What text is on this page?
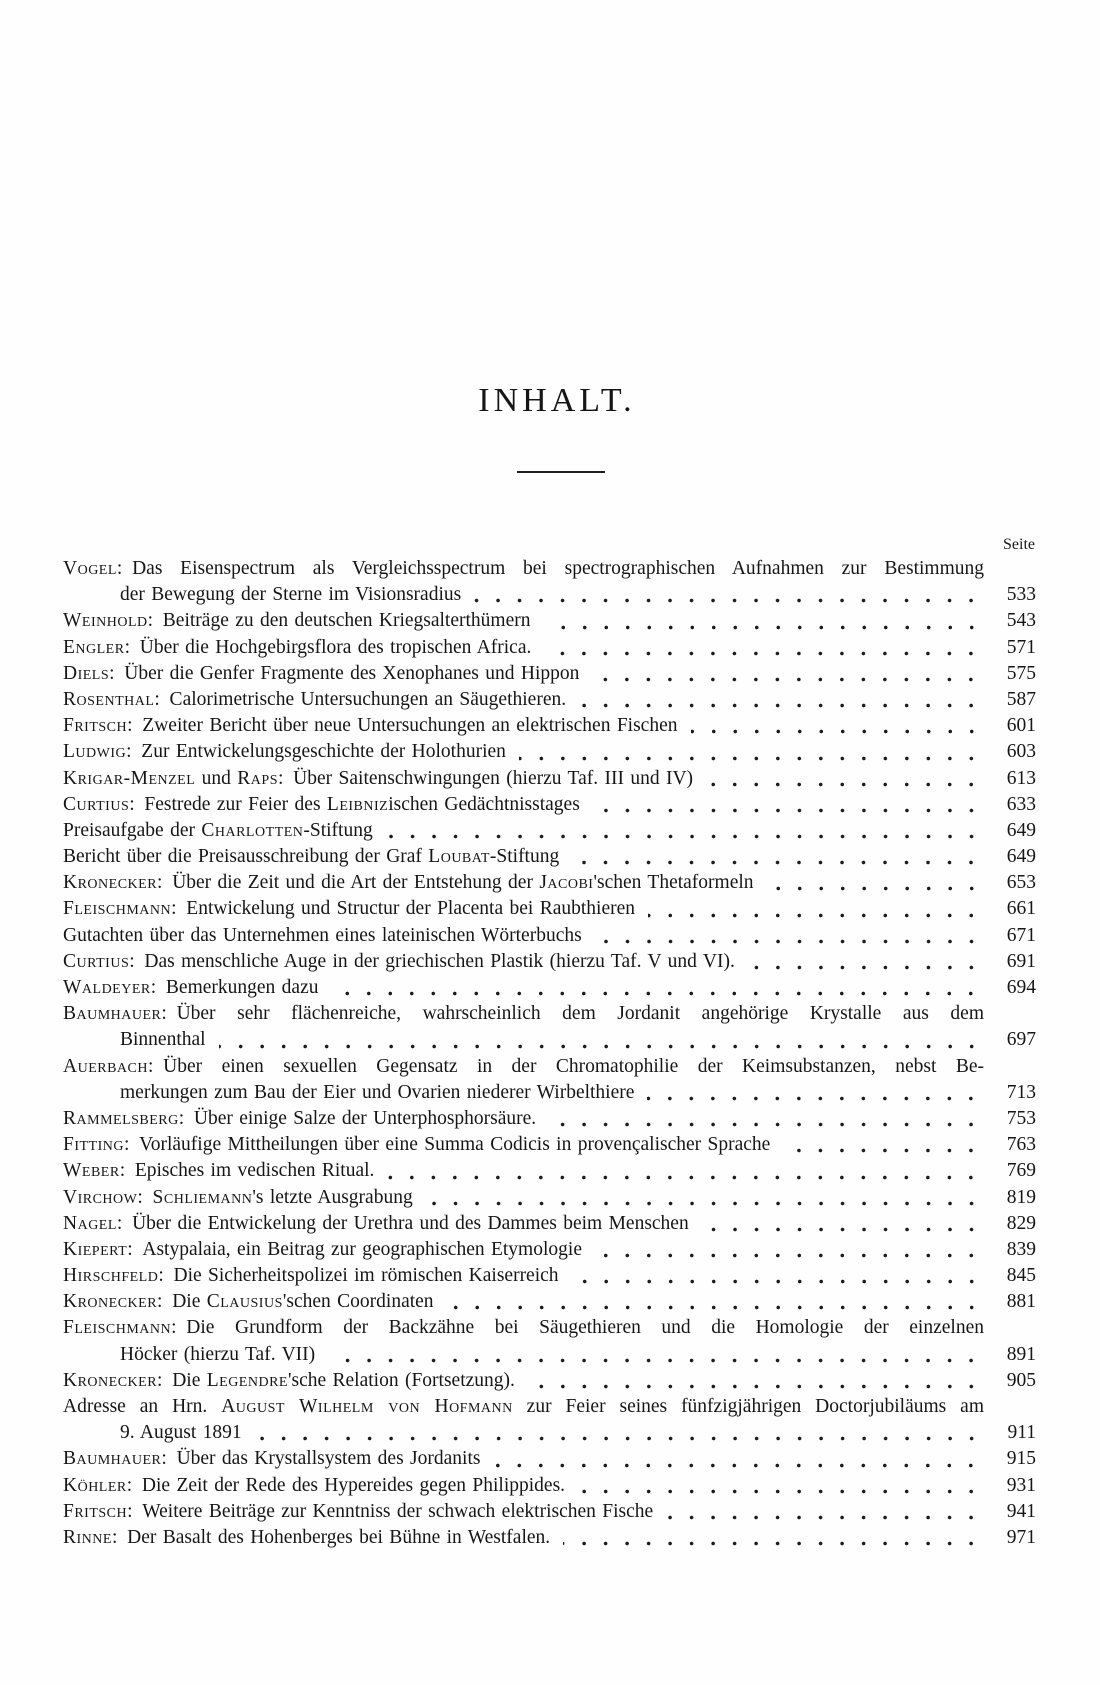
INHALT.
Seite
Vogel: Das Eisenspectrum als Vergleichsspectrum bei spectrographischen Aufnahmen zur Bestimmung
der Bewegung der Sterne im Visionsradius	533
Weinhold: Beiträge zu den deutschen Kriegsalterthümern	543
Engler: Über die Hochgebirgsflora des tropischen Africa.	571
Diels: Über die Genfer Fragmente des Xenophanes und Hippon	575
Rosenthal: Calorimetrische Untersuchungen an Säugethieren.	587
Fritsch: Zweiter Bericht über neue Untersuchungen an elektrischen Fischen	601
Ludwig: Zur Entwickelungsgeschichte der Holothurien	603
Krigar-Menzel und Raps: Über Saitenschwingungen (hierzu Taf. III und IV)	613
Curtius: Festrede zur Feier des Leibnizischen Gedächtnisstages	633
Preisaufgabe der Charlotten-Stiftung	649
Bericht über die Preisausschreibung der Graf Loubat-Stiftung	649
Kronecker: Über die Zeit und die Art der Entstehung der Jacobi'schen Thetaformeln	653
Fleischmann: Entwickelung und Structur der Placenta bei Raubthieren	661
Gutachten über das Unternehmen eines lateinischen Wörterbuchs	671
Curtius: Das menschliche Auge in der griechischen Plastik (hierzu Taf. V und VI).	691
Waldeyer: Bemerkungen dazu	694
Baumhauer: Über sehr flächenreiche, wahrscheinlich dem Jordanit angehörige Krystalle aus dem
Binnenthal	697
Auerbach: Über einen sexuellen Gegensatz in der Chromatophilie der Keimsubstanzen, nebst Be-
merkungen zum Bau der Eier und Ovarien niederer Wirbelthiere	713
Rammelsberg: Über einige Salze der Unterphosphorsäure.	753
Fitting: Vorläufige Mittheilungen über eine Summa Codicis in provençalischer Sprache	763
Weber: Episches im vedischen Ritual.	769
Virchow: Schliemann's letzte Ausgrabung	819
Nagel: Über die Entwickelung der Urethra und des Dammes beim Menschen	829
Kiepert: Astypalaia, ein Beitrag zur geographischen Etymologie	839
Hirschfeld: Die Sicherheitspolizei im römischen Kaiserreich	845
Kronecker: Die Clausius'schen Coordinaten	881
Fleischmann: Die Grundform der Backzähne bei Säugethieren und die Homologie der einzelnen
Höcker (hierzu Taf. VII)	891
Kronecker: Die Legendre'sche Relation (Fortsetzung).	905
Adresse an Hrn. August Wilhelm von Hofmann zur Feier seines fünfzigjährigen Doctorjubiläums am
9. August 1891	911
Baumhauer: Über das Krystallsystem des Jordanits	915
Köhler: Die Zeit der Rede des Hypereides gegen Philippides.	931
Fritsch: Weitere Beiträge zur Kenntniss der schwach elektrischen Fische	941
Rinne: Der Basalt des Hohenberges bei Bühne in Westfalen.	971
